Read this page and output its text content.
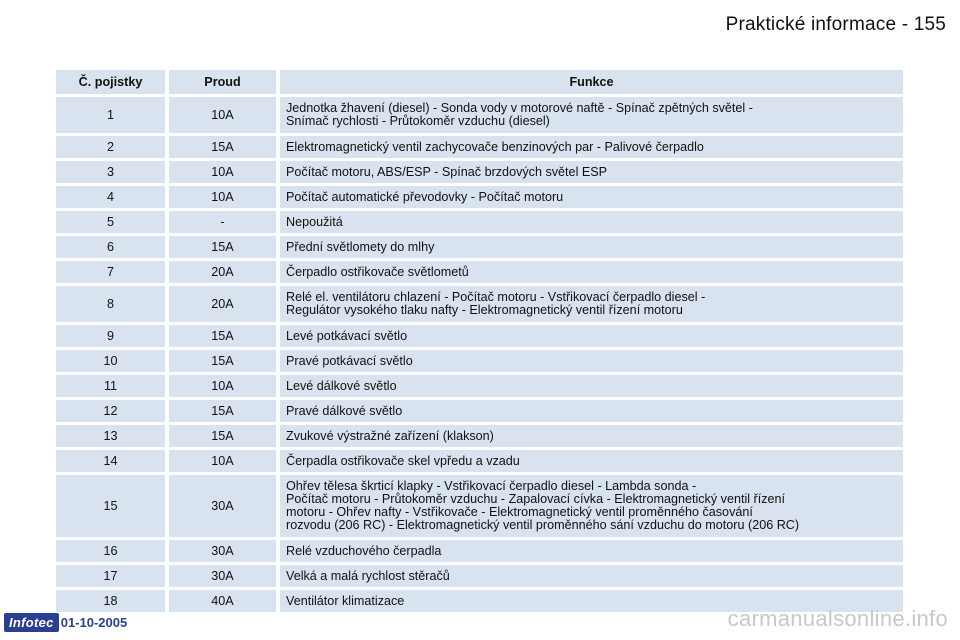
Praktické informace - 155
Č. pojistky	Proud	Funkce
1	10A	Jednotka žhavení (diesel) - Sonda vody v motorové naftě - Spínač zpětných světel -
Snímač rychlosti - Průtokoměr vzduchu (diesel)
2	15A	Elektromagnetický ventil zachycovače benzinových par - Palivové čerpadlo
3	10A	Počítač motoru, ABS/ESP - Spínač brzdových světel ESP
4	10A	Počítač automatické převodovky - Počítač motoru
5	-	Nepoužitá
6	15A	Přední světlomety do mlhy
7	20A	Čerpadlo ostřikovače světlometů
8	20A	Relé el. ventilátoru chlazení - Počítač motoru - Vstřikovací čerpadlo diesel -
Regulátor vysokého tlaku nafty - Elektromagnetický ventil řízení motoru
9	15A	Levé potkávací světlo
10	15A	Pravé potkávací světlo
11	10A	Levé dálkové světlo
12	15A	Pravé dálkové světlo
13	15A	Zvukové výstražné zařízení (klakson)
14	10A	Čerpadla ostřikovače skel vpředu a vzadu
15	30A	Ohřev tělesa škrticí klapky - Vstřikovací čerpadlo diesel - Lambda sonda -
Počítač motoru - Průtokoměr vzduchu - Zapalovací cívka - Elektromagnetický ventil řízení
motoru - Ohřev nafty - Vstřikovače - Elektromagnetický ventil proměnného časování
rozvodu (206 RC) - Elektromagnetický ventil proměnného sání vzduchu do motoru (206 RC)
16	30A	Relé vzduchového čerpadla
17	30A	Velká a malá rychlost stěračů
18	40A	Ventilátor klimatizace
Infotec 01-10-2005	carmanualsonline.info
